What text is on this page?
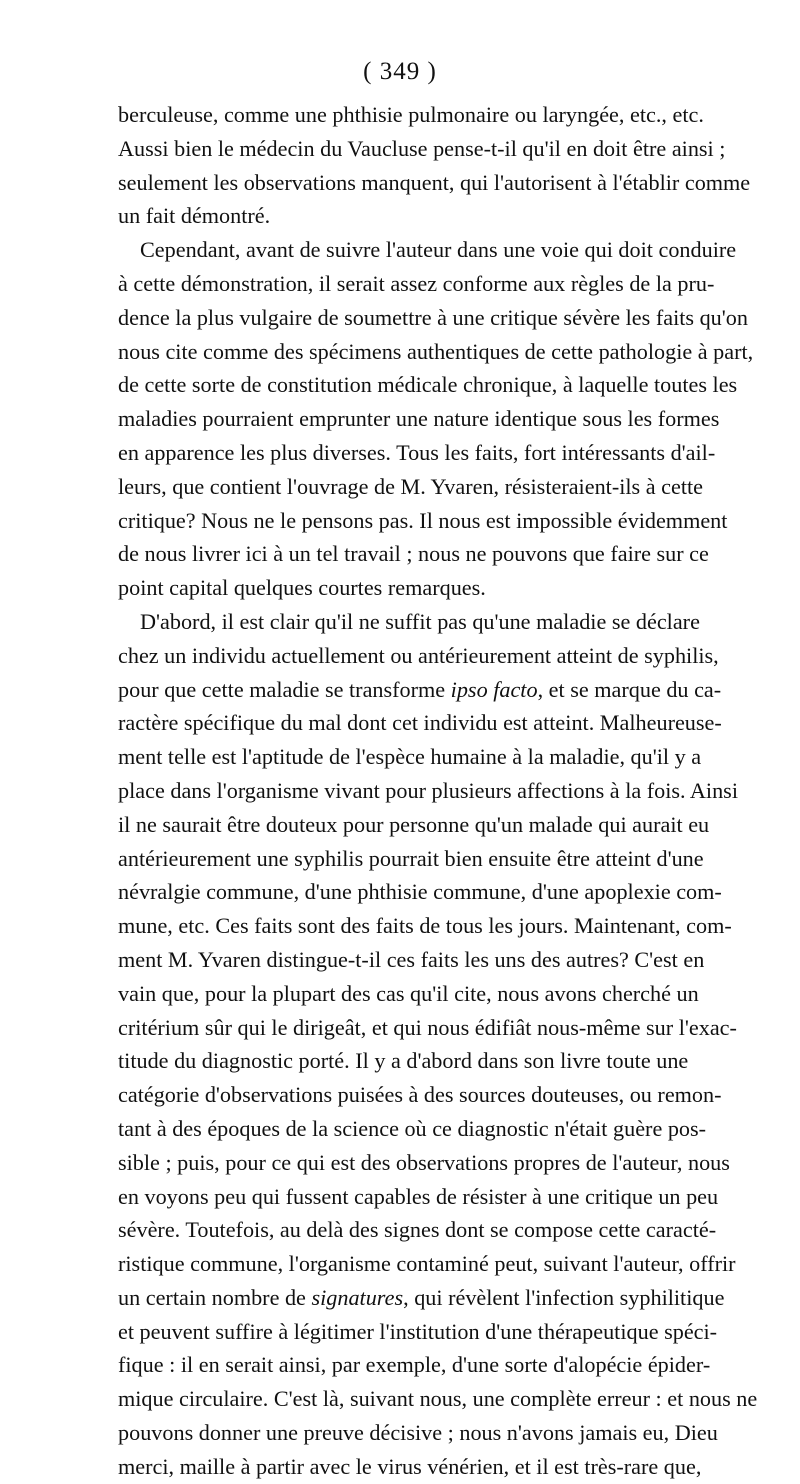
( 349 )
berculeuse, comme une phthisie pulmonaire ou laryngée, etc., etc.
Aussi bien le médecin du Vaucluse pense-t-il qu'il en doit être ainsi ;
seulement les observations manquent, qui l'autorisent à l'établir comme
un fait démontré.
Cependant, avant de suivre l'auteur dans une voie qui doit conduire
à cette démonstration, il serait assez conforme aux règles de la pru-
dence la plus vulgaire de soumettre à une critique sévère les faits qu'on
nous cite comme des spécimens authentiques de cette pathologie à part,
de cette sorte de constitution médicale chronique, à laquelle toutes les
maladies pourraient emprunter une nature identique sous les formes
en apparence les plus diverses. Tous les faits, fort intéressants d'ail-
leurs, que contient l'ouvrage de M. Yvaren, résisteraient-ils à cette
critique? Nous ne le pensons pas. Il nous est impossible évidemment
de nous livrer ici à un tel travail ; nous ne pouvons que faire sur ce
point capital quelques courtes remarques.
D'abord, il est clair qu'il ne suffit pas qu'une maladie se déclare
chez un individu actuellement ou antérieurement atteint de syphilis,
pour que cette maladie se transforme ipso facto, et se marque du ca-
ractère spécifique du mal dont cet individu est atteint. Malheureuse-
ment telle est l'aptitude de l'espèce humaine à la maladie, qu'il y a
place dans l'organisme vivant pour plusieurs affections à la fois. Ainsi
il ne saurait être douteux pour personne qu'un malade qui aurait eu
antérieurement une syphilis pourrait bien ensuite être atteint d'une
névralgie commune, d'une phthisie commune, d'une apoplexie com-
mune, etc. Ces faits sont des faits de tous les jours. Maintenant, com-
ment M. Yvaren distingue-t-il ces faits les uns des autres? C'est en
vain que, pour la plupart des cas qu'il cite, nous avons cherché un
critérium sûr qui le dirigeât, et qui nous édifiât nous-même sur l'exac-
titude du diagnostic porté. Il y a d'abord dans son livre toute une
catégorie d'observations puisées à des sources douteuses, ou remon-
tant à des époques de la science où ce diagnostic n'était guère pos-
sible ; puis, pour ce qui est des observations propres de l'auteur, nous
en voyons peu qui fussent capables de résister à une critique un peu
sévère. Toutefois, au delà des signes dont se compose cette caracté-
ristique commune, l'organisme contaminé peut, suivant l'auteur, offrir
un certain nombre de signatures, qui révèlent l'infection syphilitique
et peuvent suffire à légitimer l'institution d'une thérapeutique spéci-
fique : il en serait ainsi, par exemple, d'une sorte d'alopécie épider-
mique circulaire. C'est là, suivant nous, une complète erreur : et nous ne
pouvons donner une preuve décisive ; nous n'avons jamais eu, Dieu
merci, maille à partir avec le virus vénérien, et il est très-rare que,
